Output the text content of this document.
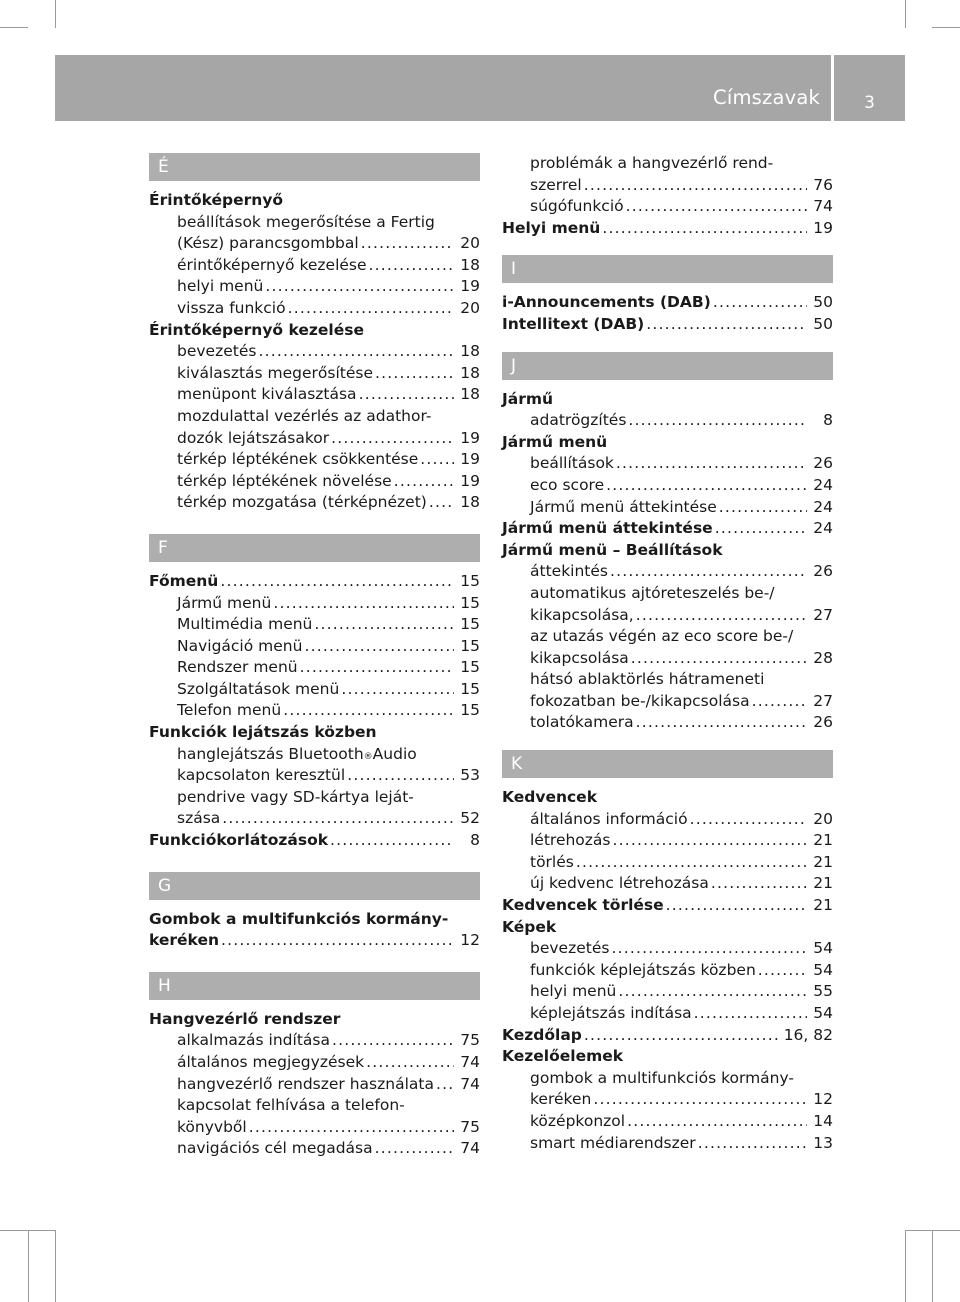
Címszavak	3
É
Érintőképernyő
beállítások megerősítése a Fertig
(Kész) parancsgombbal .....	20
érintőképernyő kezelése .....	18
helyi menü .....	19
vissza funkció .....	20
Érintőképernyő kezelése
bevezetés .....	18
kiválasztás megerősítése .....	18
menüpont kiválasztása .....	18
mozdulattal vezérlés az adathor-
dozók lejátszásakor .....	19
térkép léptékének csökkentése .....	19
térkép léptékének növelése .....	19
térkép mozgatása (térképnézet) ..... 18
F
Főmenü .....	15
Jármű menü .....	15
Multimédia menü .....	15
Navigáció menü .....	15
Rendszer menü .....	15
Szolgáltatások menü .....	15
Telefon menü .....	15
Funkciók lejátszás közben
hanglejátszás Bluetooth ® Audio
kapcsolaton keresztül .....	53
pendrive vagy SD-kártya leját-
szása .....	52
Funkciókorlátozások .....	8
G
Gombok a multifunkciós kormány-
keréken .....	12
H
Hangvezérlő rendszer
alkalmazás indítása .....	75
általános megjegyzések .....	74
hangvezérlő rendszer használata ..... 74
kapcsolat felhívása a telefon-
könyvből .....	75
navigációs cél megadása .....	74
problémák a hangvezérlő rend-
szerrel .....	76
súgófunkció .....	74
Helyi menü .....	19
I
i-Announcements (DAB) .....	50
Intellitext (DAB) .....	50
J
Jármű
adatrögzítés .....	8
Jármű menü
beállítások .....	26
eco score .....	24
Jármű menü áttekintése .....	24
Jármű menü áttekintése .....	24
Jármű menü – Beállítások
áttekintés .....	26
automatikus ajtóreteszelés be-/
kikapcsolása, .....	27
az utazás végén az eco score be-/
kikapcsolása .....	28
hátsó ablaktörlés hátrameneti
fokozatban be-/kikapcsolása .....	27
tolatókamera .....	26
K
Kedvencek
általános információ .....	20
létrehozás .....	21
törlés .....	21
új kedvenc létrehozása .....	21
Kedvencek törlése .....	21
Képek
bevezetés .....	54
funkciók képlejátszás közben .....	54
helyi menü .....	55
képlejátszás indítása .....	54
Kezdőlap .....	16, 82
Kezelőelemek
gombok a multifunkciós kormány-
keréken .....	12
középkonzol .....	14
smart médiarendszer .....	13
